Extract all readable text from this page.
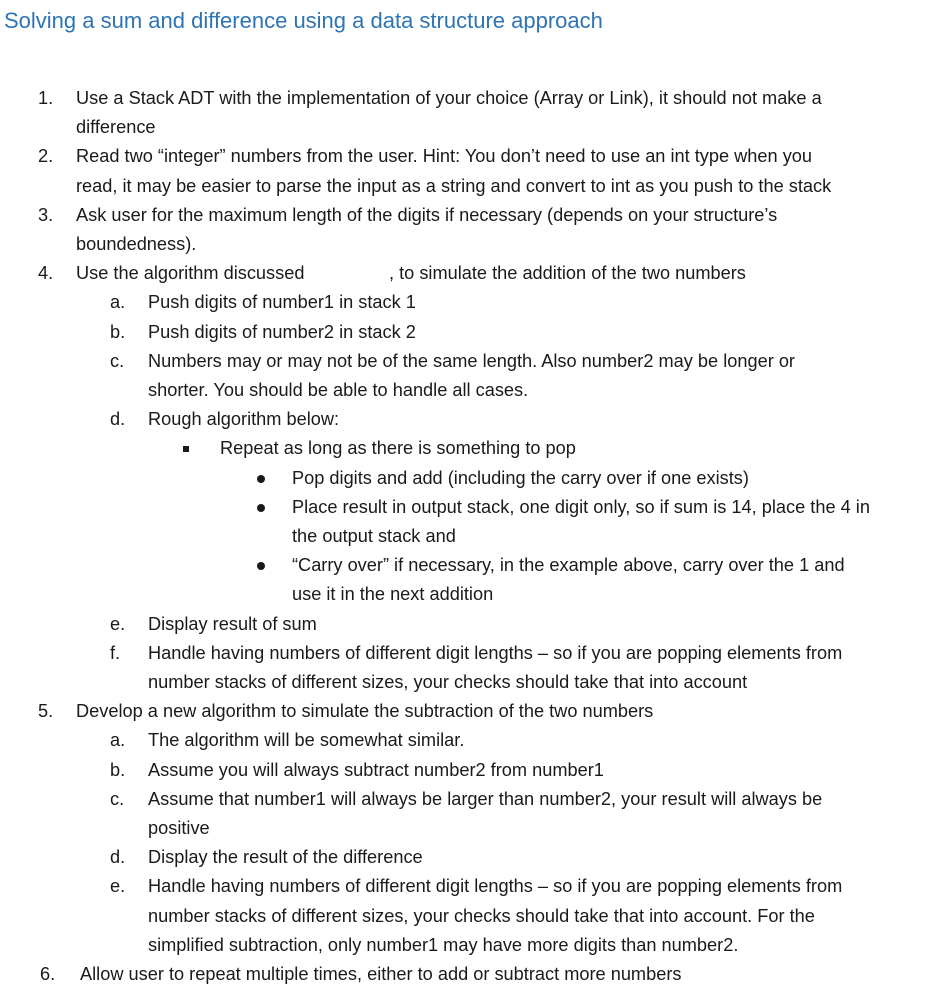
Solving a sum and difference using a data structure approach
1. Use a Stack ADT with the implementation of your choice (Array or Link), it should not make a
difference
2. Read two “integer” numbers from the user. Hint: You don’t need to use an int type when you
read, it may be easier to parse the input as a string and convert to int as you push to the stack
3. Ask user for the maximum length of the digits if necessary (depends on your structure’s
boundedness).
4. Use the algorithm discussed	, to simulate the addition of the two numbers
a. Push digits of number1 in stack 1
b. Push digits of number2 in stack 2
c. Numbers may or may not be of the same length. Also number2 may be longer or
shorter. You should be able to handle all cases.
d. Rough algorithm below:
Repeat as long as there is something to pop
Pop digits and add (including the carry over if one exists)
Place result in output stack, one digit only, so if sum is 14, place the 4 in
the output stack and
“Carry over” if necessary, in the example above, carry over the 1 and
use it in the next addition
e. Display result of sum
f. Handle having numbers of different digit lengths – so if you are popping elements from
number stacks of different sizes, your checks should take that into account
5. Develop a new algorithm to simulate the subtraction of the two numbers
a. The algorithm will be somewhat similar.
b. Assume you will always subtract number2 from number1
c. Assume that number1 will always be larger than number2, your result will always be
positive
d. Display the result of the difference
e. Handle having numbers of different digit lengths – so if you are popping elements from
number stacks of different sizes, your checks should take that into account. For the
simplified subtraction, only number1 may have more digits than number2.
6. Allow user to repeat multiple times, either to add or subtract more numbers
